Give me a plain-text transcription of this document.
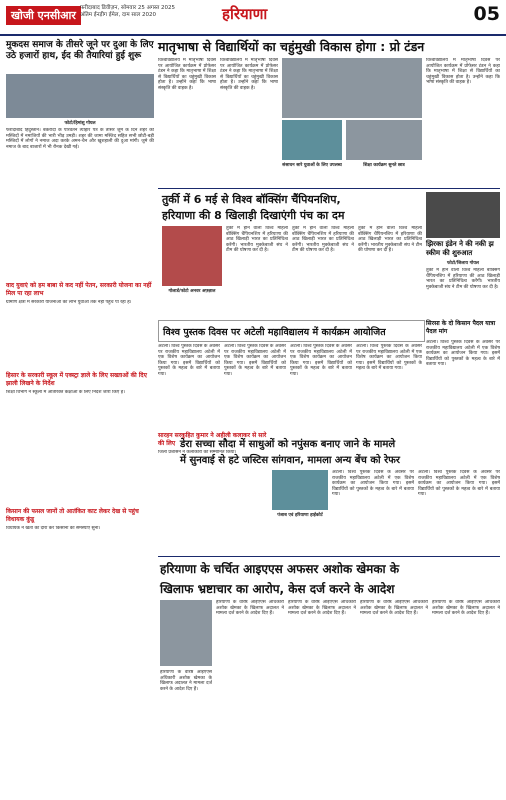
खोजी एनसीआर
फरीदाबाद डिवीज़न, सोमवार 25 अगस्त 2025
अंतिम ईनड़ीग ईमेल, दाम साल 2020	हरियाणा	05
मुकदस समाज के तीसरे जूने पर दुआ के लिए उठे हजारों हाथ, ईद की तैयारियां हुई शुरू
फोटो/हिमांशु गोयल
फरीदाबाद हिंदुस्तान। बकरीदी के परिवर्तन त्योहार पत्र के तीसरे जूमें के दिन शहर की मस्जिदों में नमाजियों की भारी भीड़ उमड़ी। शहर की जामा मस्जिद सहित सभी छोटी-बड़ी मस्जिदों में लोगों ने नमाज अदा करके अमन-चैन और खुशहाली की दुआ मांगी। जुमे की नमाज के बाद बाजारों में भी रौनक देखी गई।
मातृभाषा से विद्यार्थियों का चहुंमुखी विकास होगा : प्रो टंडन
विश्वविद्यालय में मातृभाषा दिवस पर आयोजित कार्यक्रम में प्रोफेसर टंडन ने कहा कि मातृभाषा में शिक्षा से विद्यार्थियों का चहुंमुखी विकास होता है। उन्होंने कहा कि भाषा संस्कृति की वाहक है।
विश्वविद्यालय में मातृभाषा दिवस पर आयोजित कार्यक्रम में प्रोफेसर टंडन ने कहा कि मातृभाषा में शिक्षा से विद्यार्थियों का चहुंमुखी विकास होता है। उन्होंने कहा कि भाषा संस्कृति की वाहक है।
संसाधन सारे युवाओं के लिए उपलब्ध	शिक्षा कार्यक्रम सुनते छात्र
विश्वविद्यालय में मातृभाषा दिवस पर आयोजित कार्यक्रम में प्रोफेसर टंडन ने कहा कि मातृभाषा में शिक्षा से विद्यार्थियों का चहुंमुखी विकास होता है। उन्होंने कहा कि भाषा संस्कृति की वाहक है।
तुर्की में 6 मई से विश्व बॉक्सिंग चैंपियनशिप,
हरियाणा की 8 खिलाड़ी दिखाएंगी पंच का दम
गोलार्ड/फोटो अनवर अफ़्ज़ाल
तुर्की में होने वाली विश्व महिला बॉक्सिंग चैंपियनशिप में हरियाणा की आठ खिलाड़ी भारत का प्रतिनिधित्व करेंगी। भारतीय मुक्केबाजी संघ ने टीम की घोषणा कर दी है।
तुर्की में होने वाली विश्व महिला बॉक्सिंग चैंपियनशिप में हरियाणा की आठ खिलाड़ी भारत का प्रतिनिधित्व करेंगी। भारतीय मुक्केबाजी संघ ने टीम की घोषणा कर दी है।
तुर्की में होने वाली विश्व महिला बॉक्सिंग चैंपियनशिप में हरियाणा की आठ खिलाड़ी भारत का प्रतिनिधित्व करेंगी। भारतीय मुक्केबाजी संघ ने टीम की घोषणा कर दी है।
झिरका इंडेन ने की नकी झ स्कीम की शुरुआत
फोटो/जिलाय गोयल
तुर्की में होने वाली विश्व महिला बॉक्सिंग चैंपियनशिप में हरियाणा की आठ खिलाड़ी भारत का प्रतिनिधित्व करेंगी। भारतीय मुक्केबाजी संघ ने टीम की घोषणा कर दी है।
वाद युवाएं को हम बाबा से कद नहीं पेतन, सरकारी योजना का नहीं मिल पा रहा लाभ
ग्रामीण क्षेत्रों में सरकारी योजनाओं का लाभ युवाओं तक नहीं पहुंच पा रहा है।
हिसार के सरकारी स्कूल में एक्स्ट्रा ज्ञाले के लिए सख्ताओं की दिए झाली लिखने के निर्देश
शिक्षा विभाग ने स्कूलों में अतिरिक्त कक्षाओं के लिए निर्देश जारी किए हैं।
विश्व पुस्तक दिवस पर अटेली महाविद्यालय में कार्यक्रम आयोजित
अटेली। विश्व पुस्तक दिवस के अवसर पर राजकीय महाविद्यालय अटेली में एक विशेष कार्यक्रम का आयोजन किया गया। इसमें विद्यार्थियों को पुस्तकों के महत्व के बारे में बताया गया।
अटेली। विश्व पुस्तक दिवस के अवसर पर राजकीय महाविद्यालय अटेली में एक विशेष कार्यक्रम का आयोजन किया गया। इसमें विद्यार्थियों को पुस्तकों के महत्व के बारे में बताया गया।
अटेली। विश्व पुस्तक दिवस के अवसर पर राजकीय महाविद्यालय अटेली में एक विशेष कार्यक्रम का आयोजन किया गया। इसमें विद्यार्थियों को पुस्तकों के महत्व के बारे में बताया गया।
अटेली। विश्व पुस्तक दिवस के अवसर पर राजकीय महाविद्यालय अटेली में एक विशेष कार्यक्रम का आयोजन किया गया। इसमें विद्यार्थियों को पुस्तकों के महत्व के बारे में बताया गया।
सिरसा के दो किसान पैदल यात्रा पैदल मांग
अटेली। विश्व पुस्तक दिवस के अवसर पर राजकीय महाविद्यालय अटेली में एक विशेष कार्यक्रम का आयोजन किया गया। इसमें विद्यार्थियों को पुस्तकों के महत्व के बारे में बताया गया।
सारहन सरकुहित कुमार ने अहीली कलाकर से सारे की लिए
जिला प्रशासन ने कलाकारों को सम्मानित किया।
डेरा सच्चा सौदा में साधुओं को नपुंसक बनाए जाने के मामले
में सुनवाई से हटे जस्टिस सांगवान, मामला अन्य बेंच को रेफर
पंजाब एवं हरियाणा हाईकोर्ट
अटेली। विश्व पुस्तक दिवस के अवसर पर राजकीय महाविद्यालय अटेली में एक विशेष कार्यक्रम का आयोजन किया गया। इसमें विद्यार्थियों को पुस्तकों के महत्व के बारे में बताया गया।
अटेली। विश्व पुस्तक दिवस के अवसर पर राजकीय महाविद्यालय अटेली में एक विशेष कार्यक्रम का आयोजन किया गया। इसमें विद्यार्थियों को पुस्तकों के महत्व के बारे में बताया गया।
किसान की फसल जानों तो आतंकित काट लेकर देख से पहुंच विधायक कुंडू
विधायक ने खेतों का दौरा कर किसानों की समस्याएं सुनीं।
हरियाणा के चर्चित आइएएस अफसर अशोक खेमका के
खिलाफ भ्रष्टाचार का आरोप, केस दर्ज करने के आदेश
हरियाणा के वरिष्ठ आईएएस अधिकारी अशोक खेमका के खिलाफ अदालत ने मामला दर्ज करने के आदेश दिए हैं।
हरियाणा के वरिष्ठ आईएएस अधिकारी अशोक खेमका के खिलाफ अदालत ने मामला दर्ज करने के आदेश दिए हैं।
हरियाणा के वरिष्ठ आईएएस अधिकारी अशोक खेमका के खिलाफ अदालत ने मामला दर्ज करने के आदेश दिए हैं।
हरियाणा के वरिष्ठ आईएएस अधिकारी अशोक खेमका के खिलाफ अदालत ने मामला दर्ज करने के आदेश दिए हैं।
हरियाणा के वरिष्ठ आईएएस अधिकारी अशोक खेमका के खिलाफ अदालत ने मामला दर्ज करने के आदेश दिए हैं।
